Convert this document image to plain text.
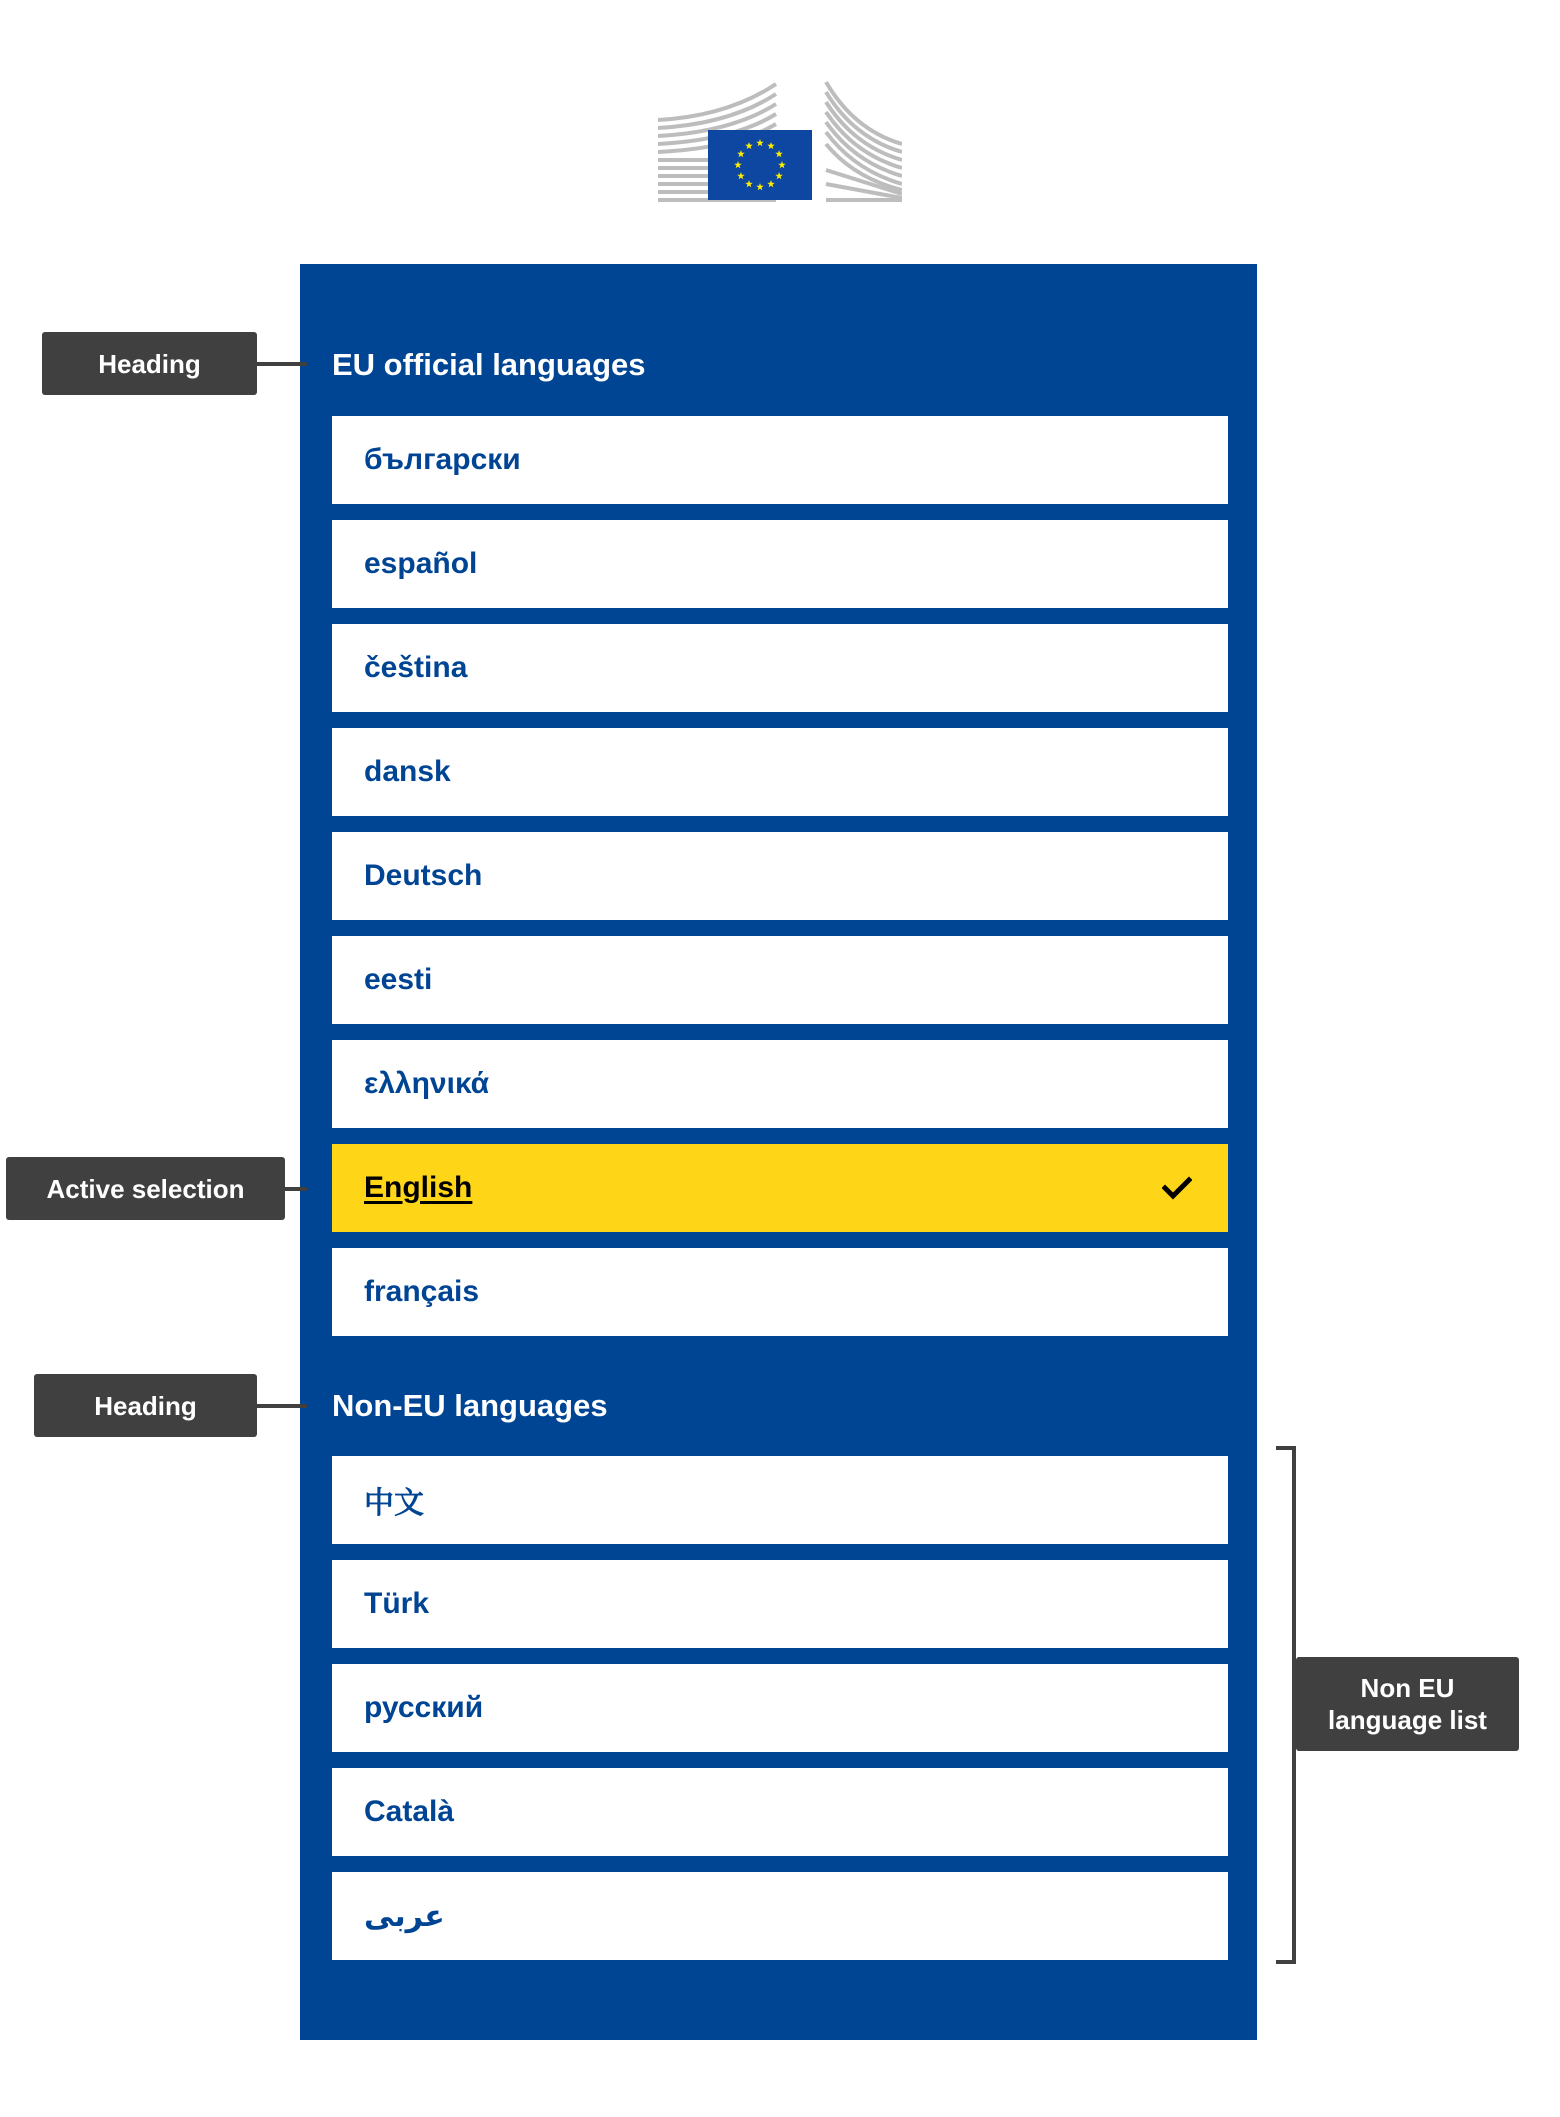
EU official languages
български
español
čeština
dansk
Deutsch
eesti
ελληνικά
English
français
Non-EU languages
中文
Türk
русский
Català
عربى
Heading
Active selection
Heading
Non EU
language list
